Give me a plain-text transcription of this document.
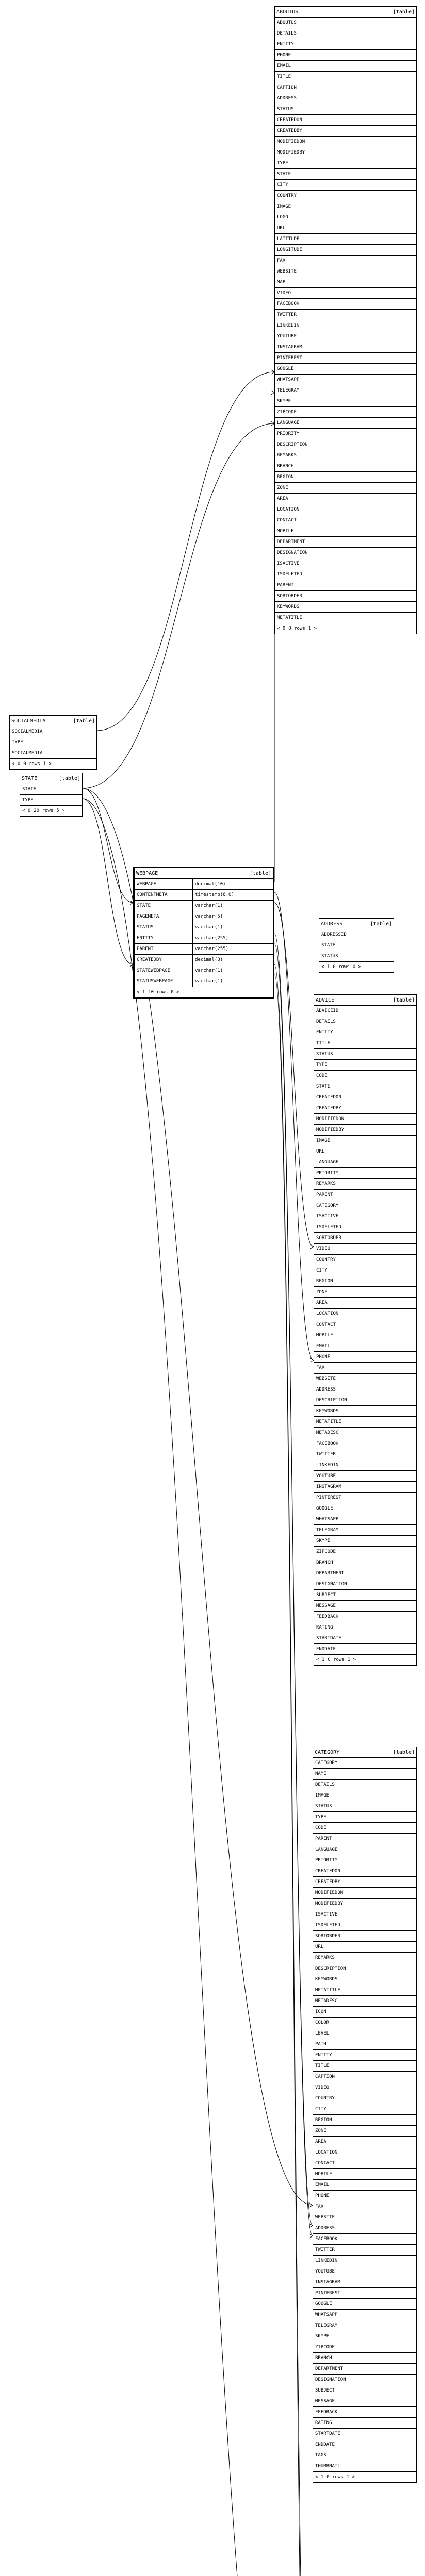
ABOUTUS	[table]
ABOUTUS
DETAILS
ENTITY
PHONE
EMAIL
TITLE
CAPTION
ADDRESS
STATUS
CREATEDON
CREATEDBY
MODIFIEDON
MODIFIEDBY
TYPE
STATE
CITY
COUNTRY
IMAGE
LOGO
URL
LATITUDE
LONGITUDE
FAX
WEBSITE
MAP
VIDEO
FACEBOOK
TWITTER
LINKEDIN
YOUTUBE
INSTAGRAM
PINTEREST
GOOGLE
WHATSAPP
TELEGRAM
SKYPE
ZIPCODE
LANGUAGE
PRIORITY
DESCRIPTION
REMARKS
BRANCH
REGION
ZONE
AREA
LOCATION
CONTACT
MOBILE
DEPARTMENT
DESIGNATION
ISACTIVE
ISDELETED
PARENT
SORTORDER
KEYWORDS
METATITLE
< 0 0 rows 1 >
ADDRESS	[table]
ADDRESSID
STATE
STATUS
< 1 0 rows 0 >
ADVICE	[table]
ADVICEID
DETAILS
ENTITY
TITLE
STATUS
TYPE
CODE
STATE
CREATEDON
CREATEDBY
MODIFIEDON
MODIFIEDBY
IMAGE
URL
LANGUAGE
PRIORITY
REMARKS
PARENT
CATEGORY
ISACTIVE
ISDELETED
SORTORDER
VIDEO
COUNTRY
CITY
REGION
ZONE
AREA
LOCATION
CONTACT
MOBILE
EMAIL
PHONE
FAX
WEBSITE
ADDRESS
DESCRIPTION
KEYWORDS
METATITLE
METADESC
FACEBOOK
TWITTER
LINKEDIN
YOUTUBE
INSTAGRAM
PINTEREST
GOOGLE
WHATSAPP
TELEGRAM
SKYPE
ZIPCODE
BRANCH
DEPARTMENT
DESIGNATION
SUBJECT
MESSAGE
FEEDBACK
RATING
STARTDATE
ENDDATE
< 1 0 rows 1 >
CATEGORY	[table]
CATEGORY
NAME
DETAILS
IMAGE
STATUS
TYPE
CODE
PARENT
LANGUAGE
PRIORITY
CREATEDON
CREATEDBY
MODIFIEDON
MODIFIEDBY
ISACTIVE
ISDELETED
SORTORDER
URL
REMARKS
DESCRIPTION
KEYWORDS
METATITLE
METADESC
ICON
COLOR
LEVEL
PATH
ENTITY
TITLE
CAPTION
VIDEO
COUNTRY
CITY
REGION
ZONE
AREA
LOCATION
CONTACT
MOBILE
EMAIL
PHONE
FAX
WEBSITE
ADDRESS
FACEBOOK
TWITTER
LINKEDIN
YOUTUBE
INSTAGRAM
PINTEREST
GOOGLE
WHATSAPP
TELEGRAM
SKYPE
ZIPCODE
BRANCH
DEPARTMENT
DESIGNATION
SUBJECT
MESSAGE
FEEDBACK
RATING
STARTDATE
ENDDATE
TAGS
THUMBNAIL
< 1 0 rows 1 >
WEBPAGE	[table]
WEBPAGE	decimal(10)
CONTENTMETA	timestamp(6,0)
STATE	varchar(1)
PAGEMETA	varchar(5)
STATUS	varchar(1)
ENTITY	varchar(255)
PARENT	varchar(255)
CREATEDBY	decimal(3)
STATEWEBPAGE	varchar(1)
STATUSWEBPAGE	varchar(1)
< 1 10 rows 0 >
SOCIALMEDIA	[table]
SOCIALMEDIA
TYPE
SOCIALMEDIA
< 0 0 rows 1 >
STATE	[table]
STATE
TYPE
< 0 20 rows 5 >
